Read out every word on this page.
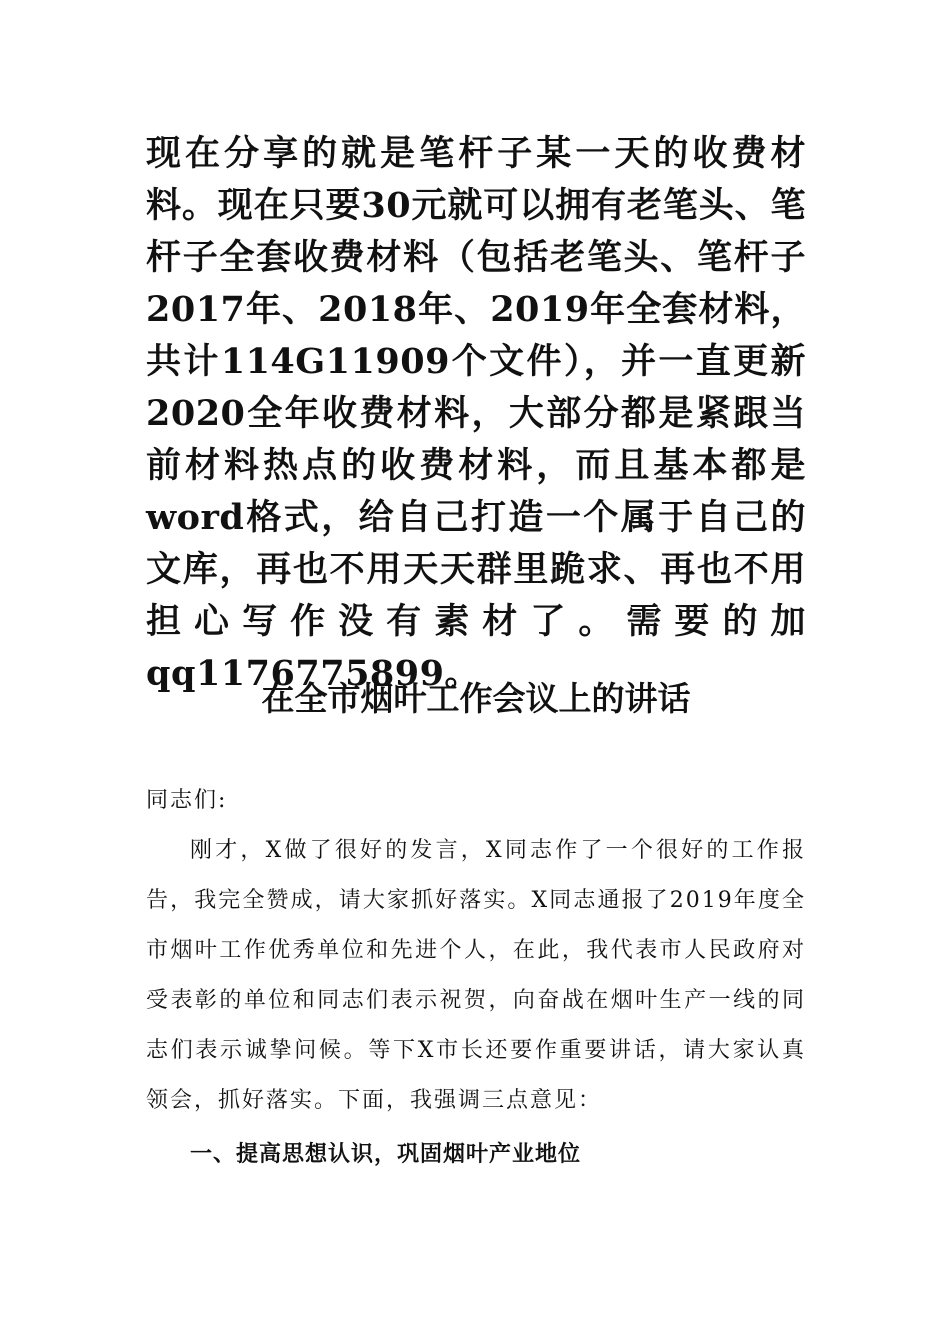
现在分享的就是笔杆子某一天的收费材料。现在只要30元就可以拥有老笔头、笔杆子全套收费材料（包括老笔头、笔杆子2017年、2018年、2019年全套材料，共计114G11909个文件），并一直更新2020全年收费材料，大部分都是紧跟当前材料热点的收费材料，而且基本都是word格式，给自己打造一个属于自己的文库，再也不用天天群里跪求、再也不用担心写作没有素材了。需要的加qq1176775899。

在全市烟叶工作会议上的讲话

同志们:

刚才，X做了很好的发言，X同志作了一个很好的工作报告，我完全赞成，请大家抓好落实。X同志通报了2019年度全市烟叶工作优秀单位和先进个人，在此，我代表市人民政府对受表彰的单位和同志们表示祝贺，向奋战在烟叶生产一线的同志们表示诚挚问候。等下X市长还要作重要讲话，请大家认真领会，抓好落实。下面，我强调三点意见：

一、提高思想认识，巩固烟叶产业地位
